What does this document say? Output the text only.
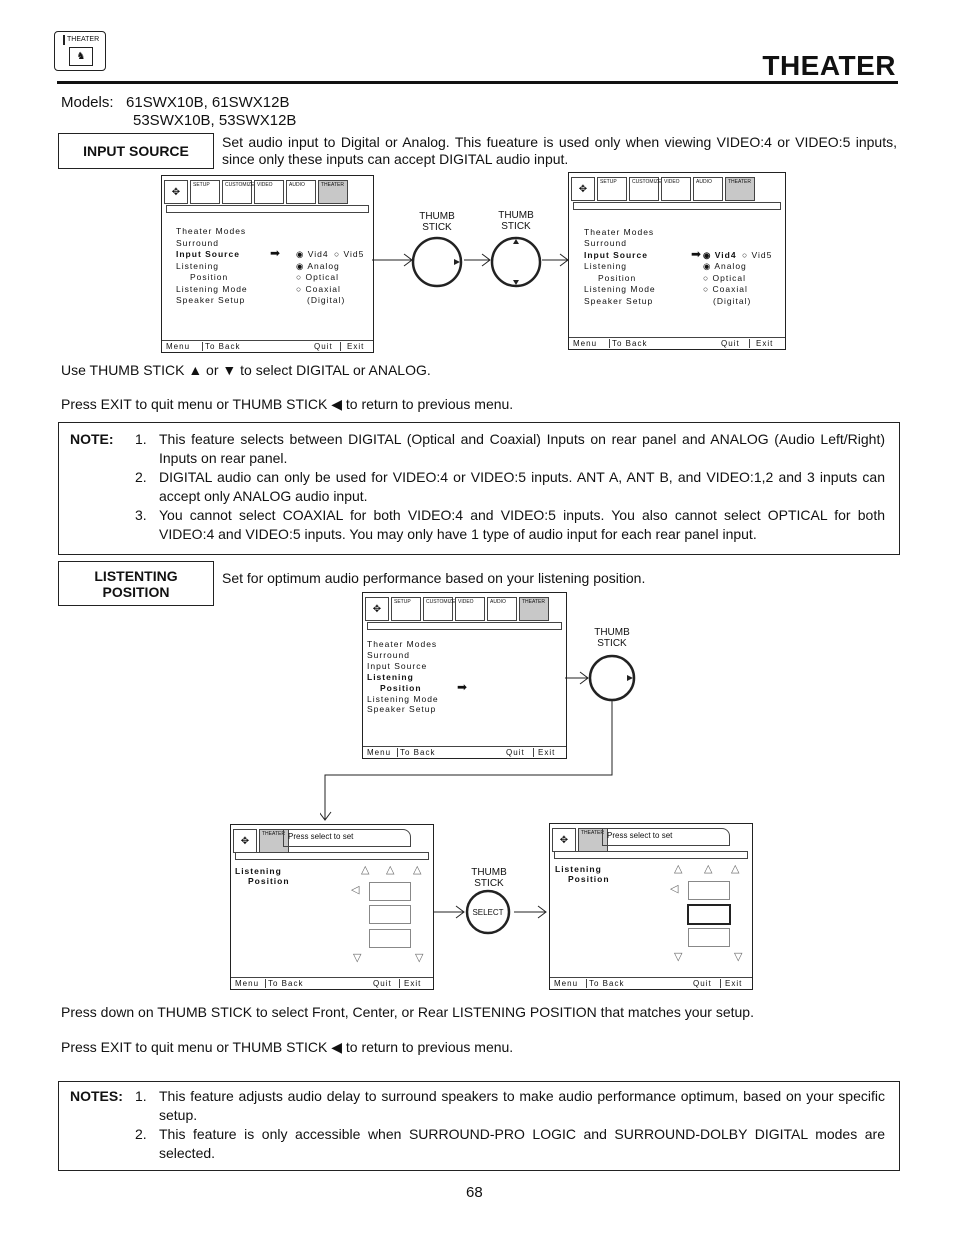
THEATER
♞	THEATER
Models: 61SWX10B, 61SWX12B
53SWX10B, 53SWX12B
INPUT SOURCE
Set audio input to Digital or Analog. This fueature is used only when viewing VIDEO:4 or VIDEO:5 inputs, since only these inputs can accept DIGITAL audio input.
✥
SETUP	CUSTOMIZE VIDEO	AUDIO	THEATER
Theater Modes
Surround
Input Source
Listening
Position
Listening Mode
Speaker Setup
➡ ◉ Vid4 ○ Vid5
◉ Analog
○ Optical
○ Coaxial
(Digital)
Menu	To Back	Quit	Exit
THUMB
STICK
THUMB
STICK
✥
SETUP	CUSTOMIZE VIDEO	AUDIO	THEATER
Theater Modes
Surround
Input Source
Listening
Position
Listening Mode
Speaker Setup
➡ ◉ Vid4 ○ Vid5
◉ Analog
○ Optical
○ Coaxial
(Digital)
Menu	To Back	Quit	Exit
Use THUMB STICK ▲ or ▼ to select DIGITAL or ANALOG.
Press EXIT to quit menu or THUMB STICK ◀ to return to previous menu.
NOTE: 1. This feature selects between DIGITAL (Optical and Coaxial) Inputs on rear panel and ANALOG (Audio Left/Right) Inputs on rear panel.
2. DIGITAL audio can only be used for VIDEO:4 or VIDEO:5 inputs. ANT A, ANT B, and VIDEO:1,2 and 3 inputs can accept only ANALOG audio input.
3. You cannot select COAXIAL for both VIDEO:4 and VIDEO:5 inputs. You also cannot select OPTICAL for both VIDEO:4 and VIDEO:5 inputs. You may only have 1 type of audio input for each rear panel input.
LISTENTING
POSITION
Set for optimum audio performance based on your listening position.
✥
SETUP	CUSTOMIZE VIDEO	AUDIO	THEATER
Theater Modes
Surround
Input Source
Listening
Position
Listening Mode
Speaker Setup
➡
Menu	To Back	Quit	Exit
THUMB
STICK
✥
THEATER Press select to set
Listening
Position
△ △ △
◁
▽	▽
Menu	To Back	Quit	Exit
THUMB
STICK
SELECT
✥
THEATER Press select to set
Listening
Position
△ △ △
◁
▽	▽
Menu	To Back	Quit	Exit
Press down on THUMB STICK to select Front, Center, or Rear LISTENING POSITION that matches your setup.
Press EXIT to quit menu or THUMB STICK ◀ to return to previous menu.
NOTES: 1. This feature adjusts audio delay to surround speakers to make audio performance optimum, based on your specific setup.
2. This feature is only accessible when SURROUND-PRO LOGIC and SURROUND-DOLBY DIGITAL modes are selected.
68
